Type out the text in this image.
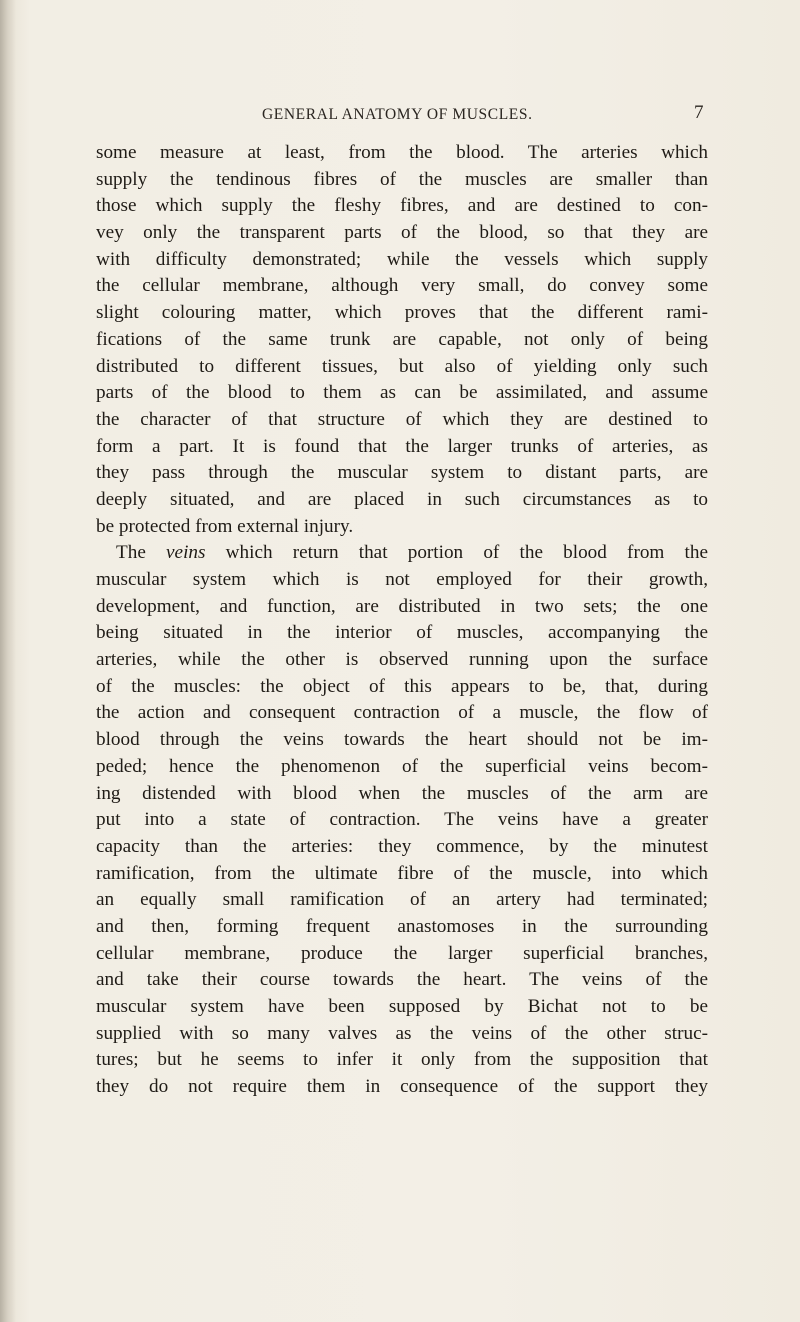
GENERAL ANATOMY OF MUSCLES.	7
some measure at least, from the blood. The arteries which
supply the tendinous fibres of the muscles are smaller than
those which supply the fleshy fibres, and are destined to con-
vey only the transparent parts of the blood, so that they are
with difficulty demonstrated; while the vessels which supply
the cellular membrane, although very small, do convey some
slight colouring matter, which proves that the different rami-
fications of the same trunk are capable, not only of being
distributed to different tissues, but also of yielding only such
parts of the blood to them as can be assimilated, and assume
the character of that structure of which they are destined to
form a part. It is found that the larger trunks of arteries, as
they pass through the muscular system to distant parts, are
deeply situated, and are placed in such circumstances as to
be protected from external injury.
The veins which return that portion of the blood from the
muscular system which is not employed for their growth,
development, and function, are distributed in two sets; the one
being situated in the interior of muscles, accompanying the
arteries, while the other is observed running upon the surface
of the muscles: the object of this appears to be, that, during
the action and consequent contraction of a muscle, the flow of
blood through the veins towards the heart should not be im-
peded; hence the phenomenon of the superficial veins becom-
ing distended with blood when the muscles of the arm are
put into a state of contraction. The veins have a greater
capacity than the arteries: they commence, by the minutest
ramification, from the ultimate fibre of the muscle, into which
an equally small ramification of an artery had terminated;
and then, forming frequent anastomoses in the surrounding
cellular membrane, produce the larger superficial branches,
and take their course towards the heart. The veins of the
muscular system have been supposed by Bichat not to be
supplied with so many valves as the veins of the other struc-
tures; but he seems to infer it only from the supposition that
they do not require them in consequence of the support they
